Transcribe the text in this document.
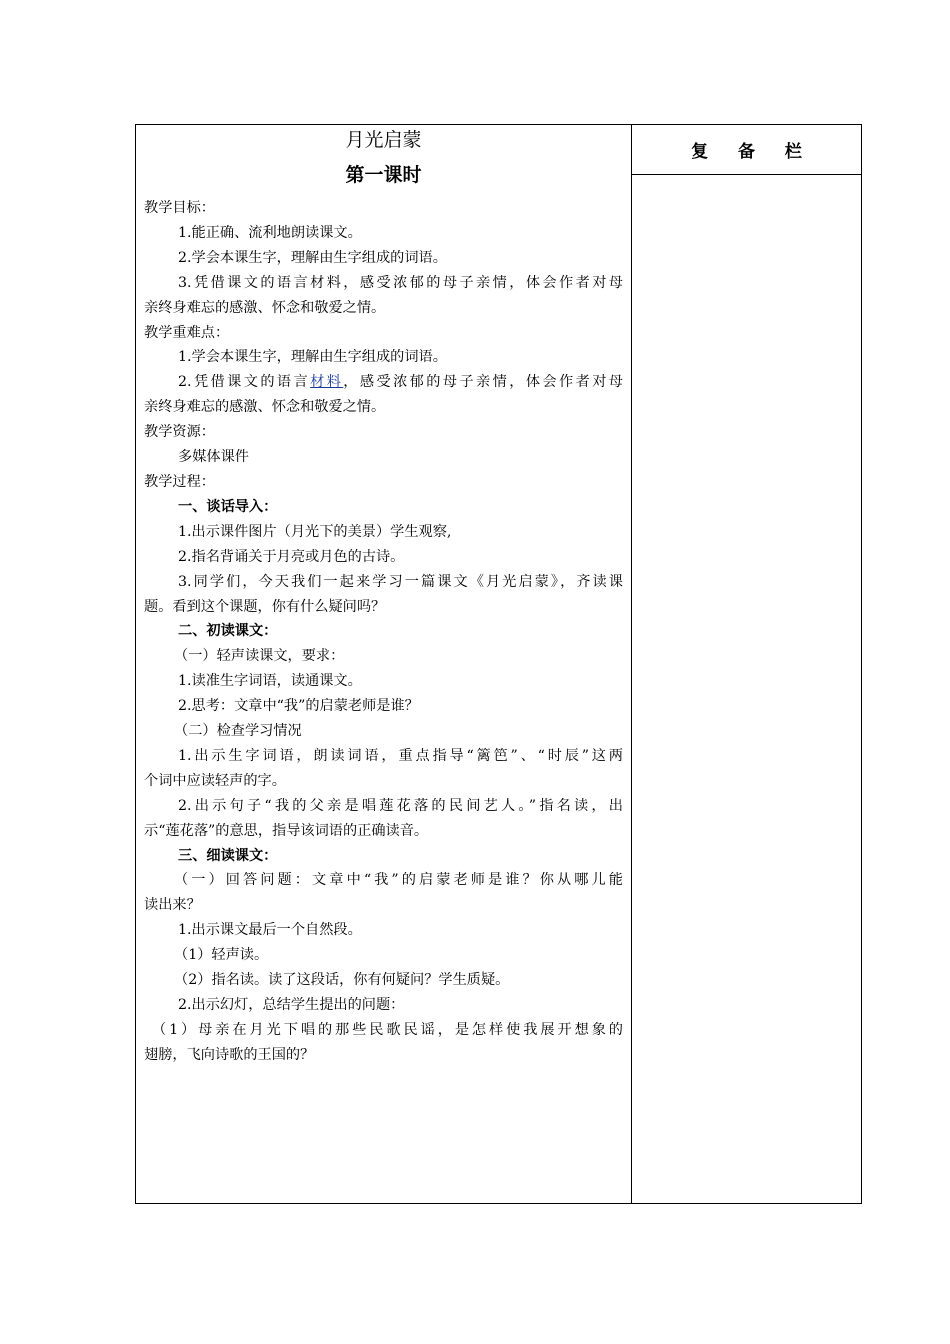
月光启蒙
第一课时
教学目标：
1.能正确、流利地朗读课文。
2.学会本课生字，理解由生字组成的词语。
3.凭借课文的语言材料，感受浓郁的母子亲情，体会作者对母
亲终身难忘的感激、怀念和敬爱之情。
教学重难点：
1.学会本课生字，理解由生字组成的词语。
2.凭借课文的语言材料，感受浓郁的母子亲情，体会作者对母
亲终身难忘的感激、怀念和敬爱之情。
教学资源：
多媒体课件
教学过程：
一、谈话导入：
1.出示课件图片（月光下的美景）学生观察,
2.指名背诵关于月亮或月色的古诗。
3.同学们，今天我们一起来学习一篇课文《月光启蒙》，齐读课
题。看到这个课题，你有什么疑问吗？
二、初读课文：
（一）轻声读课文，要求：
1.读准生字词语，读通课文。
2.思考：文章中“我”的启蒙老师是谁？
（二）检查学习情况
1.出示生字词语，朗读词语，重点指导“篱笆”、“时辰”这两
个词中应读轻声的字。
2.出示句子“我的父亲是唱莲花落的民间艺人。”指名读，出
示“莲花落”的意思，指导该词语的正确读音。
三、细读课文：
（一）回答问题：文章中“我”的启蒙老师是谁？你从哪儿能
读出来？
1.出示课文最后一个自然段。
（1）轻声读。
（2）指名读。读了这段话，你有何疑问？学生质疑。
2.出示幻灯，总结学生提出的问题：
（1）母亲在月光下唱的那些民歌民谣，是怎样使我展开想象的
翅膀，飞向诗歌的王国的？
复 备 栏
